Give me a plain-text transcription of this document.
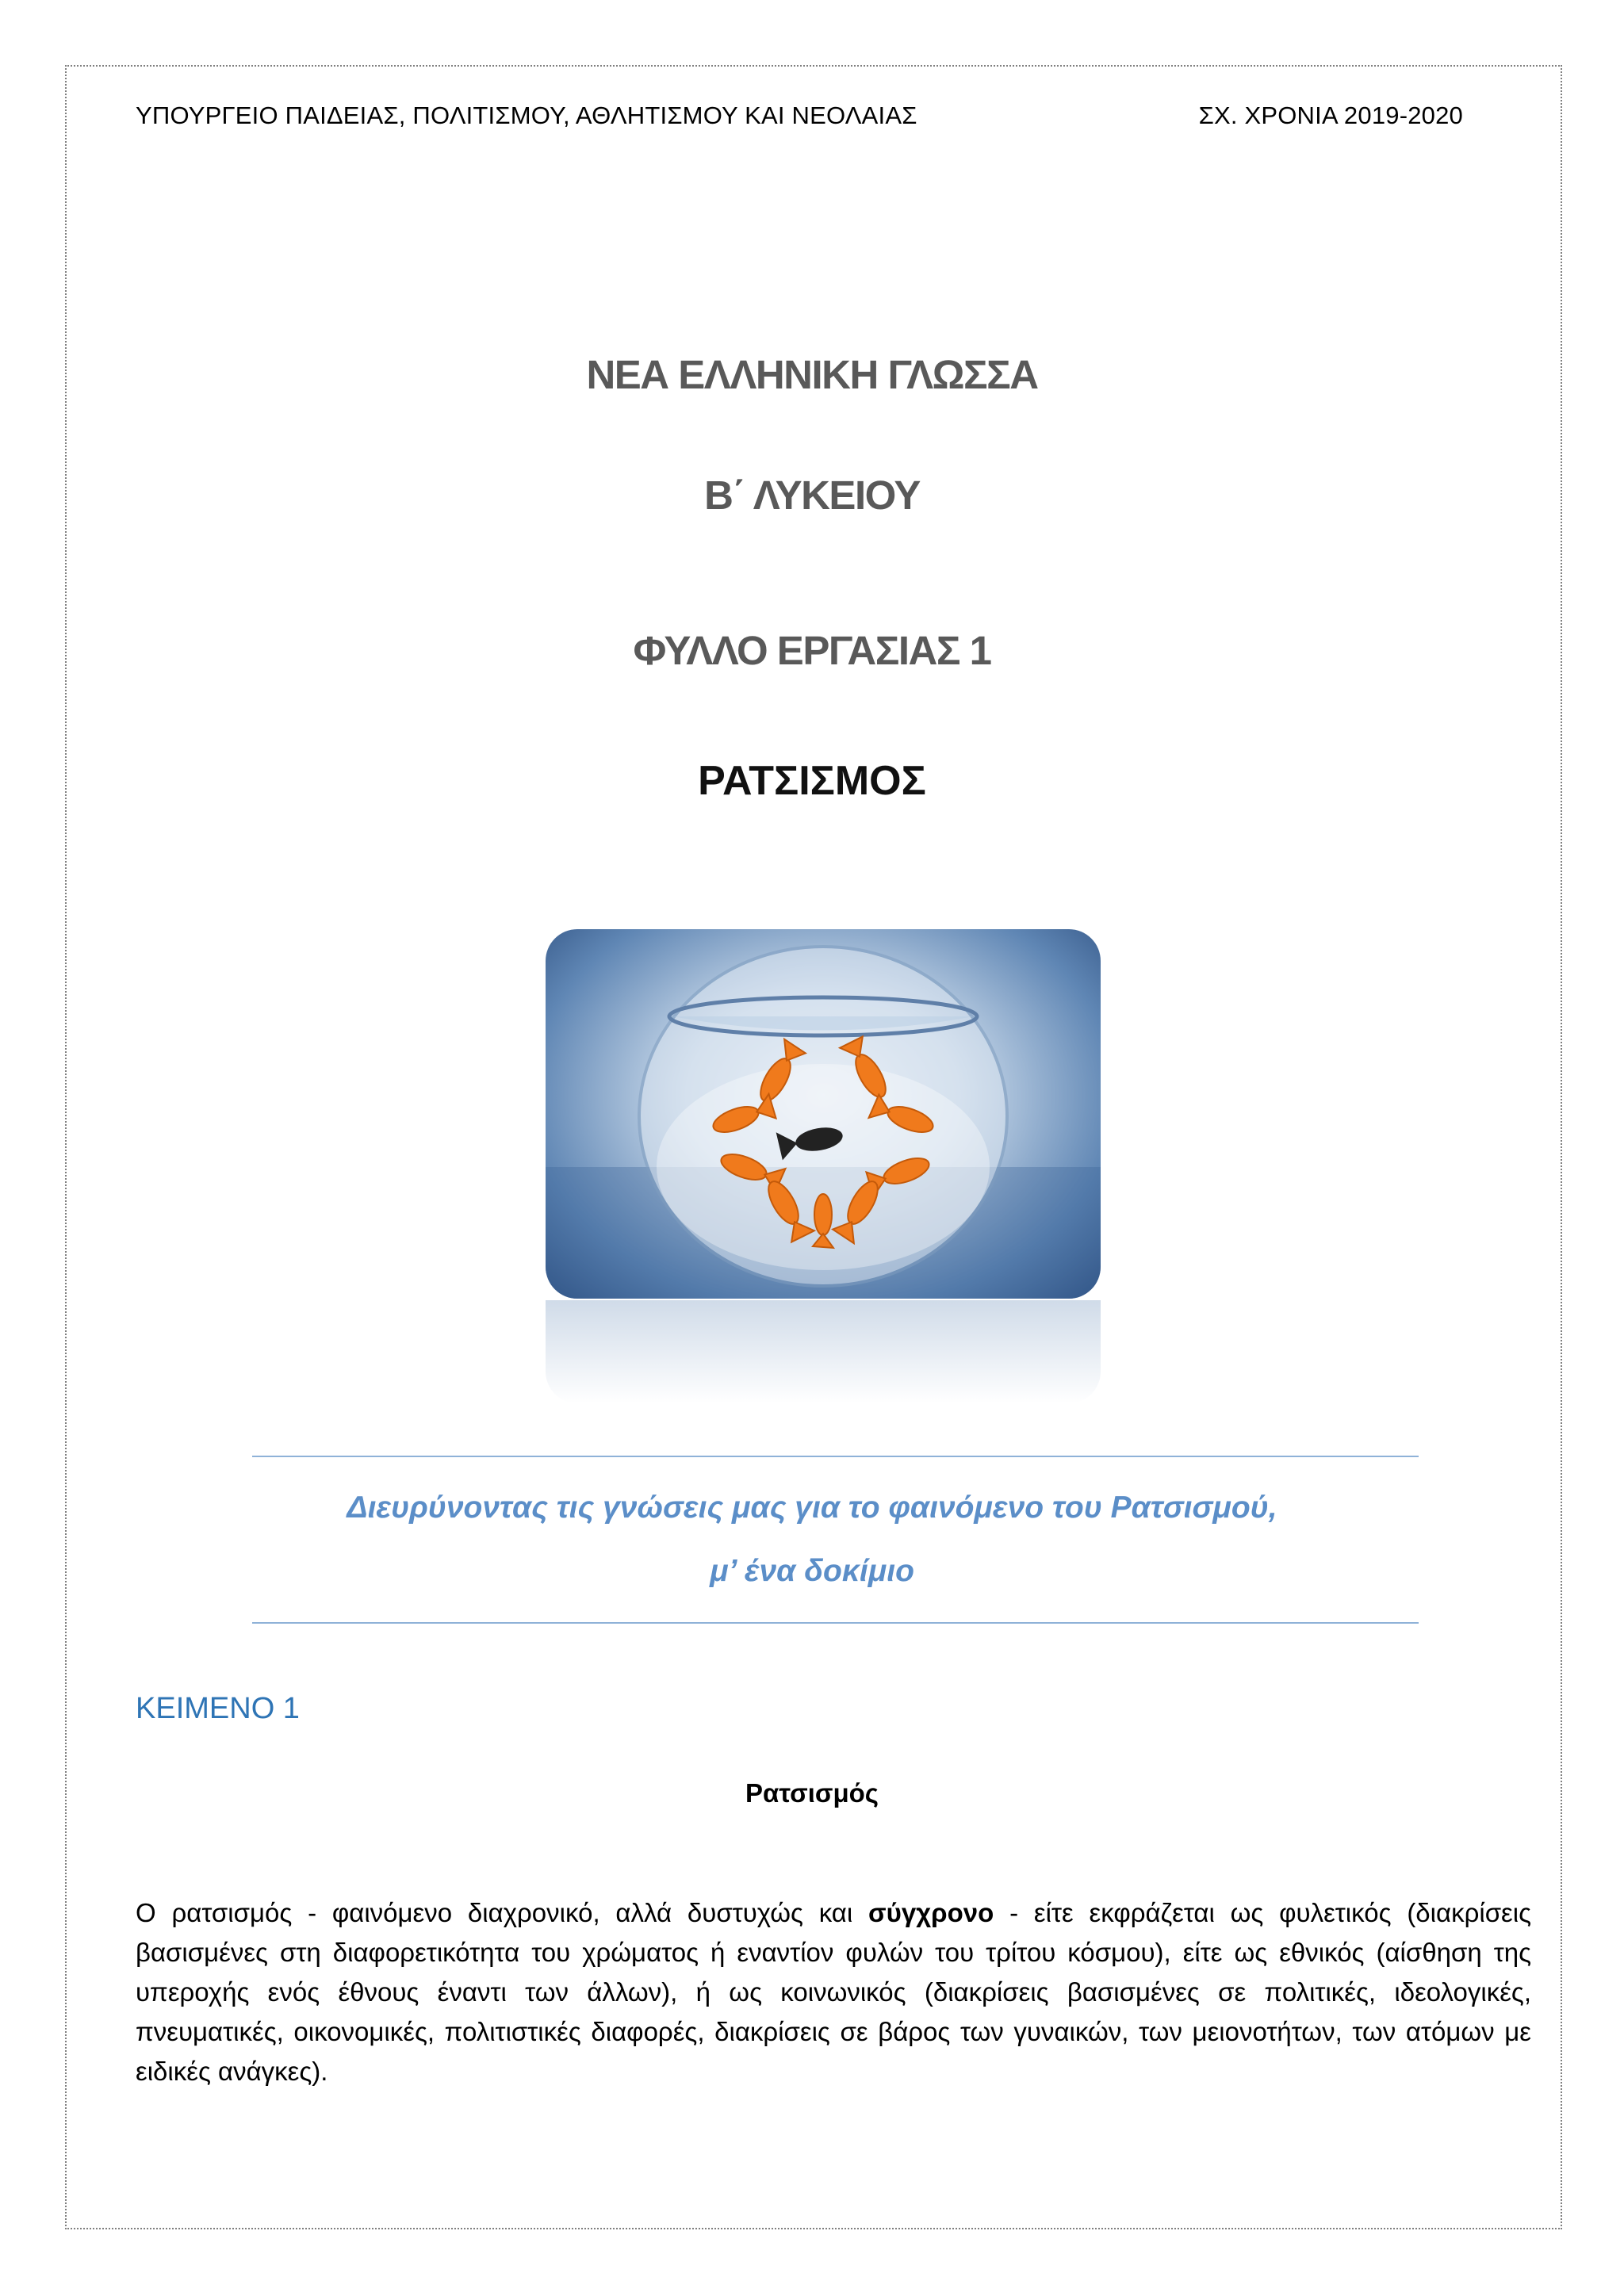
ΥΠΟΥΡΓΕΙΟ ΠΑΙΔΕΙΑΣ, ΠΟΛΙΤΙΣΜΟΥ, ΑΘΛΗΤΙΣΜΟΥ ΚΑΙ ΝΕΟΛΑΙΑΣ	ΣΧ. ΧΡΟΝΙΑ 2019-2020
ΝΕΑ ΕΛΛΗΝΙΚΗ ΓΛΩΣΣΑ
Β΄ ΛΥΚΕΙΟΥ
ΦΥΛΛΟ ΕΡΓΑΣΙΑΣ 1
ΡΑΤΣΙΣΜΟΣ
Διευρύνοντας τις γνώσεις μας για το φαινόμενο του Ρατσισμού,
μ’ ένα δοκίμιο
ΚΕΙΜΕΝΟ 1
Ρατσισμός
Ο ρατσισμός - φαινόμενο διαχρονικό, αλλά δυστυχώς και σύγχρονο - είτε εκφράζεται ως φυλετικός (διακρίσεις βασισμένες στη διαφορετικότητα του χρώματος ή εναντίον φυλών του τρίτου κόσμου), είτε ως εθνικός (αίσθηση της υπεροχής ενός έθνους έναντι των άλλων), ή ως κοινωνικός (διακρίσεις βασισμένες σε πολιτικές, ιδεολογικές, πνευματικές, οικονομικές, πολιτιστικές διαφορές, διακρίσεις σε βάρος των γυναικών, των μειονοτήτων, των ατόμων με ειδικές ανάγκες).
